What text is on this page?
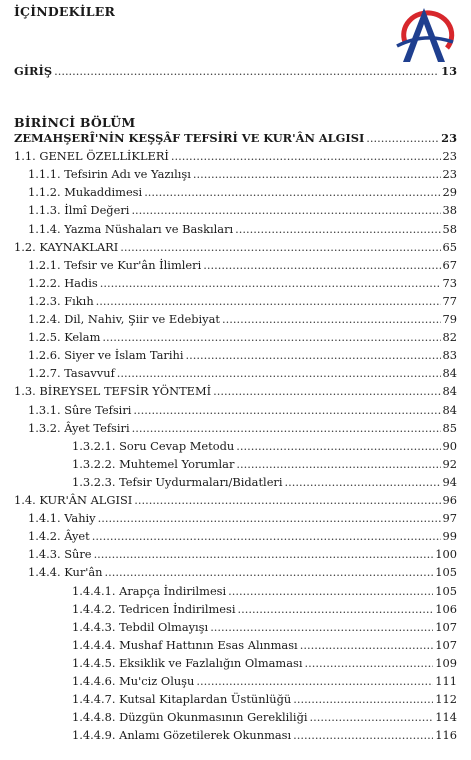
İÇİNDEKİLER
GİRİŞ .....	13
BİRİNCİ BÖLÜM
ZEMAHŞERÎ'NİN KEŞŞÂF TEFSİRİ VE KUR'ÂN ALGISI .....	23
1.1. GENEL ÖZELLİKLERİ .....	23
1.1.1. Tefsirin Adı ve Yazılışı .....	23
1.1.2. Mukaddimesi .....	29
1.1.3. İlmî Değeri .....	38
1.1.4. Yazma Nüshaları ve Baskıları .....	58
1.2. KAYNAKLARI .....	65
1.2.1. Tefsir ve Kur'ân İlimleri .....	67
1.2.2. Hadis .....	73
1.2.3. Fıkıh .....	77
1.2.4. Dil, Nahiv, Şiir ve Edebiyat .....	79
1.2.5. Kelam .....	82
1.2.6. Siyer ve İslam Tarihi .....	83
1.2.7. Tasavvuf .....	84
1.3. BİREYSEL TEFSİR YÖNTEMİ .....	84
1.3.1. Sûre Tefsiri .....	84
1.3.2. Âyet Tefsiri .....	85
1.3.2.1. Soru Cevap Metodu .....	90
1.3.2.2. Muhtemel Yorumlar .....	92
1.3.2.3. Tefsir Uydurmaları/Bidatleri .....	94
1.4. KUR'ÂN ALGISI .....	96
1.4.1. Vahiy .....	97
1.4.2. Âyet .....	99
1.4.3. Sûre .....	100
1.4.4. Kur'ân .....	105
1.4.4.1. Arapça İndirilmesi .....	105
1.4.4.2. Tedricen İndirilmesi .....	106
1.4.4.3. Tebdil Olmayışı .....	107
1.4.4.4. Mushaf Hattının Esas Alınması .....	107
1.4.4.5. Eksiklik ve Fazlalığın Olmaması .....	109
1.4.4.6. Mu'ciz Oluşu .....	111
1.4.4.7. Kutsal Kitaplardan Üstünlüğü .....	112
1.4.4.8. Düzgün Okunmasının Gerekliliği .....	114
1.4.4.9. Anlamı Gözetilerek Okunması .....	116
